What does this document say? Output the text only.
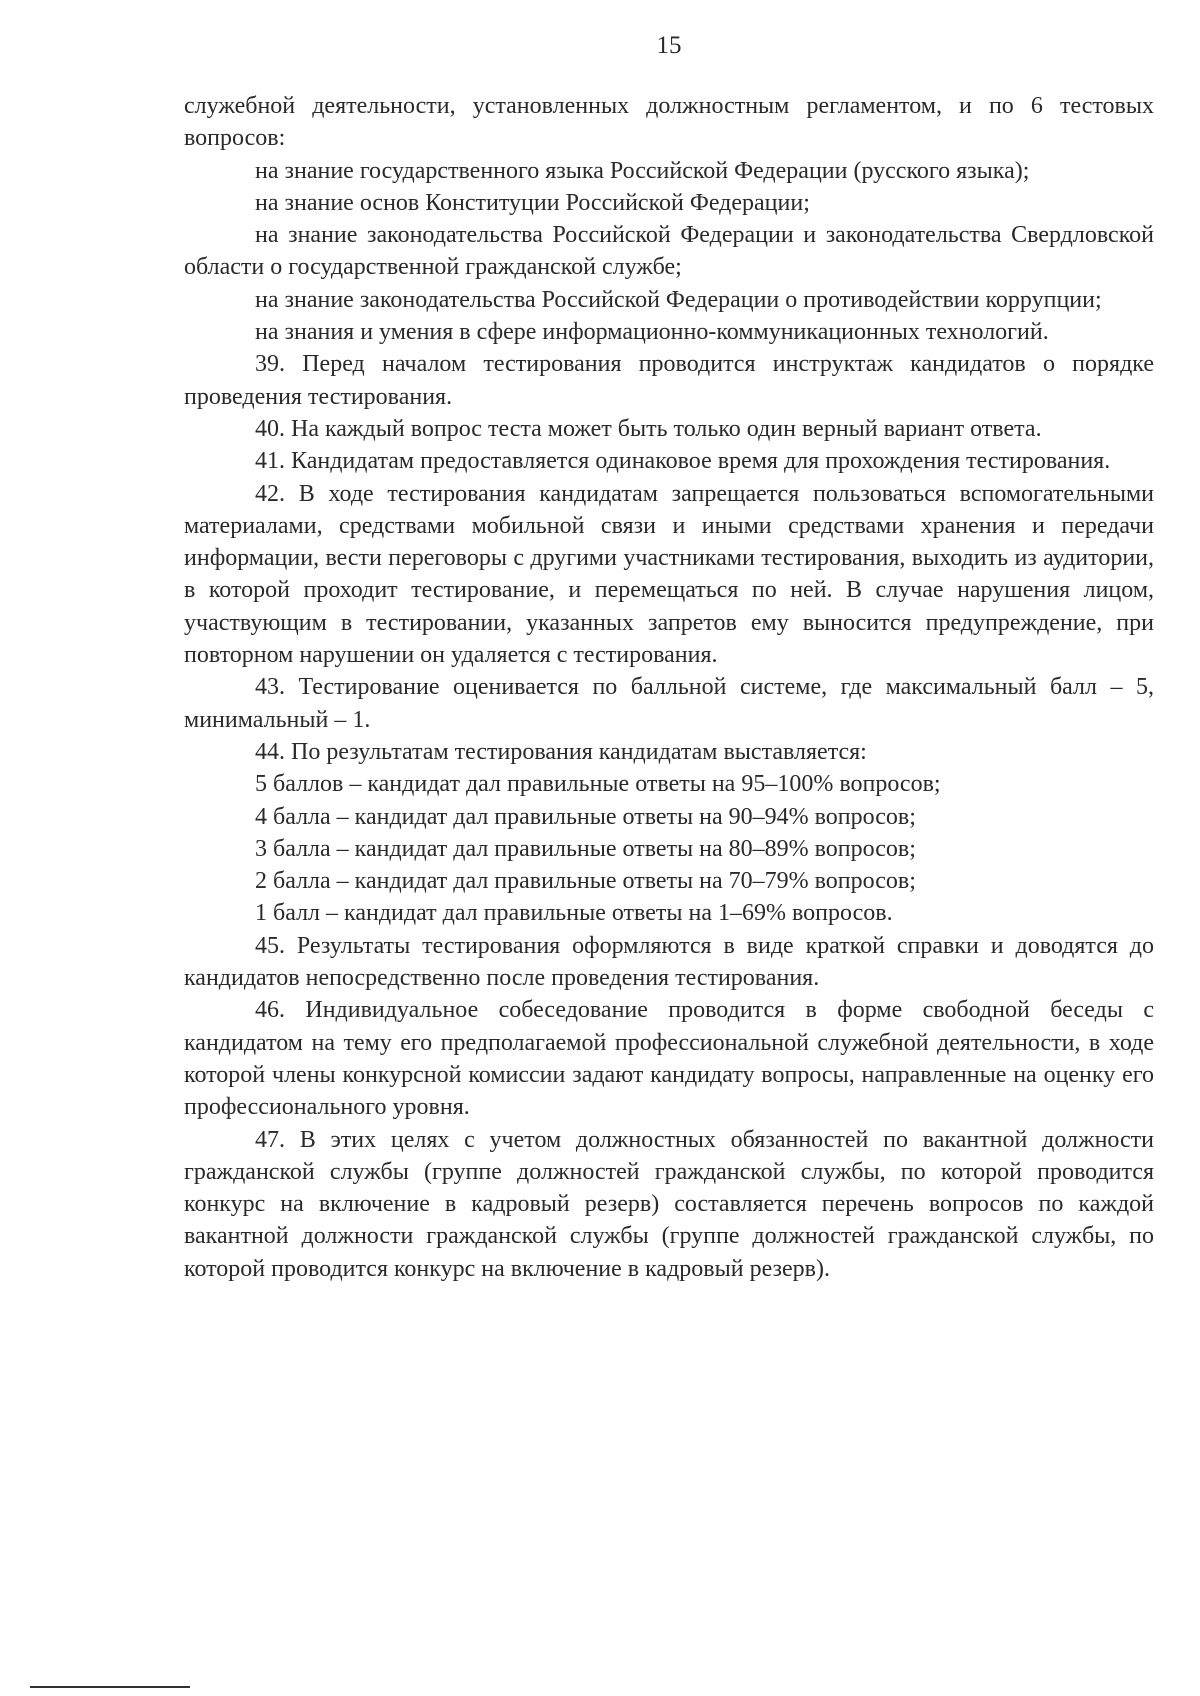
15

служебной деятельности, установленных должностным регламентом, и по 6 тестовых вопросов:

на знание государственного языка Российской Федерации (русского языка);

на знание основ Конституции Российской Федерации;

на знание законодательства Российской Федерации и законодательства Свердловской области о государственной гражданской службе;

на знание законодательства Российской Федерации о противодействии коррупции;

на знания и умения в сфере информационно-коммуникационных технологий.

39. Перед началом тестирования проводится инструктаж кандидатов о порядке проведения тестирования.

40. На каждый вопрос теста может быть только один верный вариант ответа.

41. Кандидатам предоставляется одинаковое время для прохождения тестирования.

42. В ходе тестирования кандидатам запрещается пользоваться вспомогательными материалами, средствами мобильной связи и иными средствами хранения и передачи информации, вести переговоры с другими участниками тестирования, выходить из аудитории, в которой проходит тестирование, и перемещаться по ней. В случае нарушения лицом, участвующим в тестировании, указанных запретов ему выносится предупреждение, при повторном нарушении он удаляется с тестирования.

43. Тестирование оценивается по балльной системе, где максимальный балл – 5, минимальный – 1.

44. По результатам тестирования кандидатам выставляется:

5 баллов – кандидат дал правильные ответы на 95–100% вопросов;

4 балла – кандидат дал правильные ответы на 90–94% вопросов;

3 балла – кандидат дал правильные ответы на 80–89% вопросов;

2 балла – кандидат дал правильные ответы на 70–79% вопросов;

1 балл – кандидат дал правильные ответы на 1–69% вопросов.

45. Результаты тестирования оформляются в виде краткой справки и доводятся до кандидатов непосредственно после проведения тестирования.

46. Индивидуальное собеседование проводится в форме свободной беседы с кандидатом на тему его предполагаемой профессиональной служебной деятельности, в ходе которой члены конкурсной комиссии задают кандидату вопросы, направленные на оценку его профессионального уровня.

47. В этих целях с учетом должностных обязанностей по вакантной должности гражданской службы (группе должностей гражданской службы, по которой проводится конкурс на включение в кадровый резерв) составляется перечень вопросов по каждой вакантной должности гражданской службы (группе должностей гражданской службы, по которой проводится конкурс на включение в кадровый резерв).
